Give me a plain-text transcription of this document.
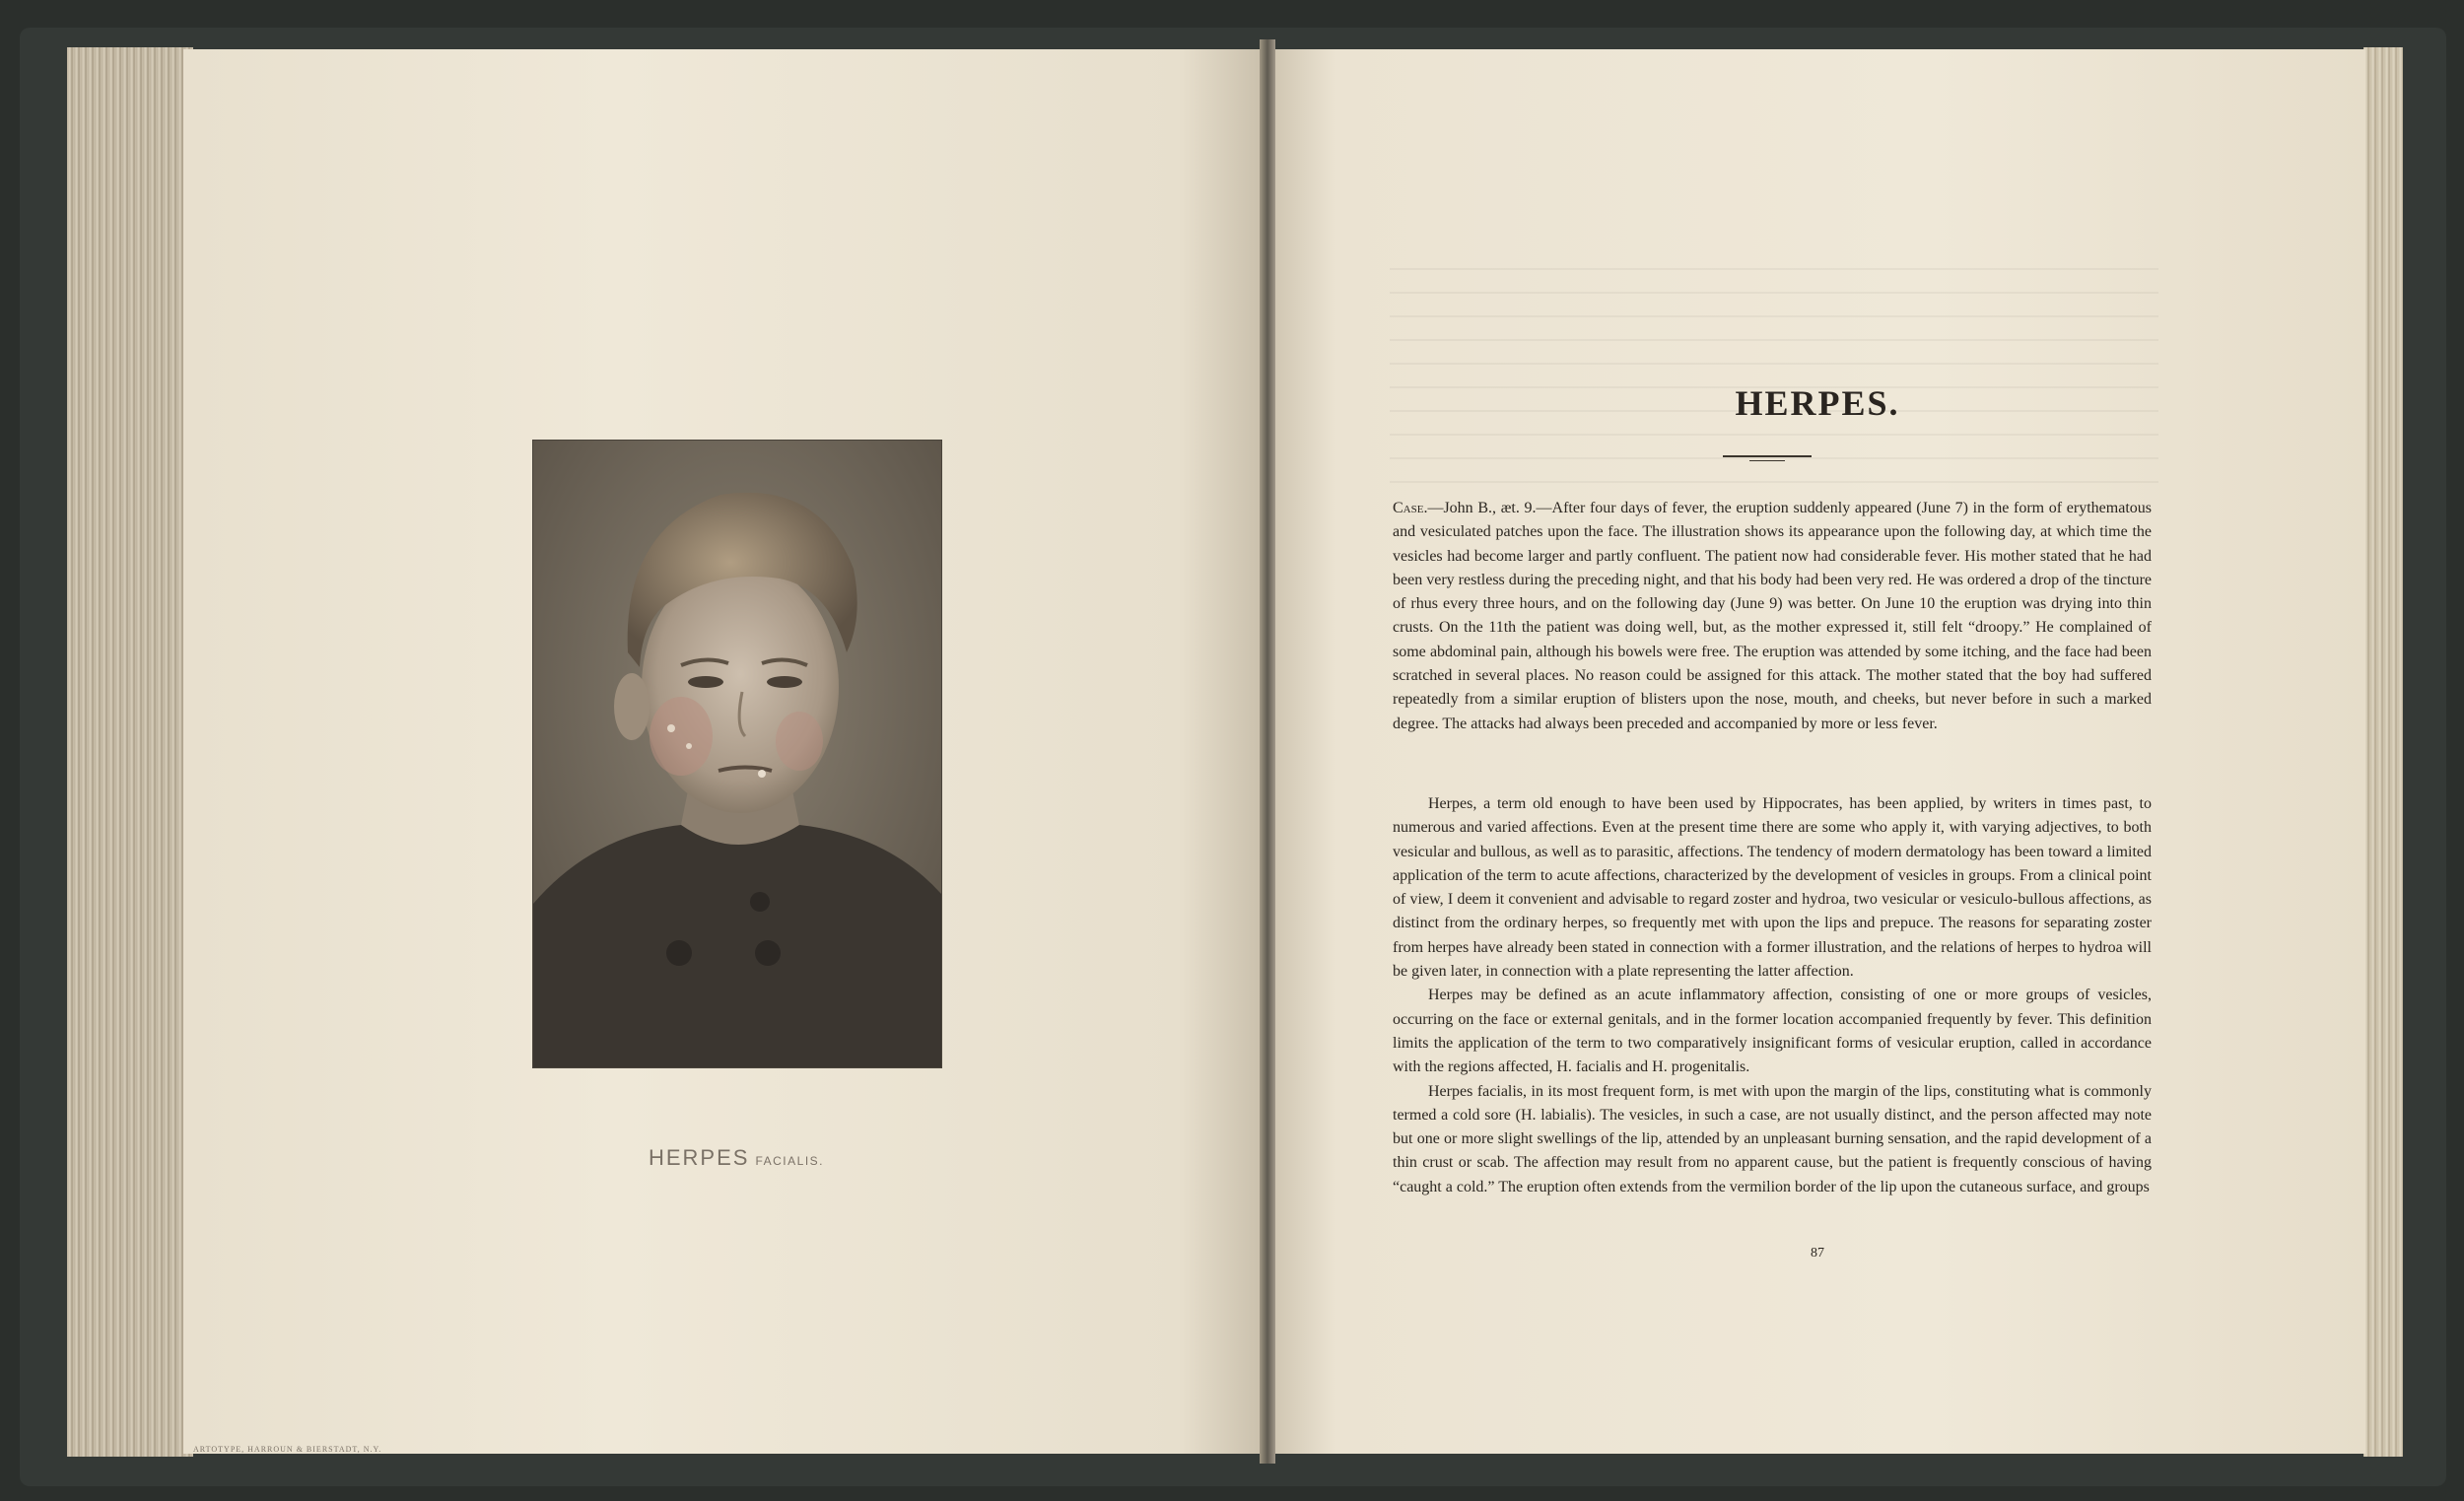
HERPES FACIALIS.
ARTOTYPE, HARROUN & BIERSTADT, N.Y.
HERPES.
Case.—John B., æt. 9.—After four days of fever, the eruption suddenly appeared (June 7) in the form of erythematous and vesiculated patches upon the face. The illustration shows its appearance upon the following day, at which time the vesicles had become larger and partly confluent. The patient now had considerable fever. His mother stated that he had been very restless during the preceding night, and that his body had been very red. He was ordered a drop of the tincture of rhus every three hours, and on the following day (June 9) was better. On June 10 the eruption was drying into thin crusts. On the 11th the patient was doing well, but, as the mother expressed it, still felt “droopy.” He complained of some abdominal pain, although his bowels were free. The eruption was attended by some itching, and the face had been scratched in several places. No reason could be assigned for this attack. The mother stated that the boy had suffered repeatedly from a similar eruption of blisters upon the nose, mouth, and cheeks, but never before in such a marked degree. The attacks had always been preceded and accompanied by more or less fever.

Herpes, a term old enough to have been used by Hippocrates, has been applied, by writers in times past, to numerous and varied affections. Even at the present time there are some who apply it, with varying adjectives, to both vesicular and bullous, as well as to parasitic, affections. The tendency of modern dermatology has been toward a limited application of the term to acute affections, characterized by the development of vesicles in groups. From a clinical point of view, I deem it convenient and advisable to regard zoster and hydroa, two vesicular or vesiculo-bullous affections, as distinct from the ordinary herpes, so frequently met with upon the lips and prepuce. The reasons for separating zoster from herpes have already been stated in connection with a former illustration, and the relations of herpes to hydroa will be given later, in connection with a plate representing the latter affection.

Herpes may be defined as an acute inflammatory affection, consisting of one or more groups of vesicles, occurring on the face or external genitals, and in the former location accompanied frequently by fever. This definition limits the application of the term to two comparatively insignificant forms of vesicular eruption, called in accordance with the regions affected, H. facialis and H. progenitalis.

Herpes facialis, in its most frequent form, is met with upon the margin of the lips, constituting what is commonly termed a cold sore (H. labialis). The vesicles, in such a case, are not usually distinct, and the person affected may note but one or more slight swellings of the lip, attended by an unpleasant burning sensation, and the rapid development of a thin crust or scab. The affection may result from no apparent cause, but the patient is frequently conscious of having “caught a cold.” The eruption often extends from the vermilion border of the lip upon the cutaneous surface, and groups

87
